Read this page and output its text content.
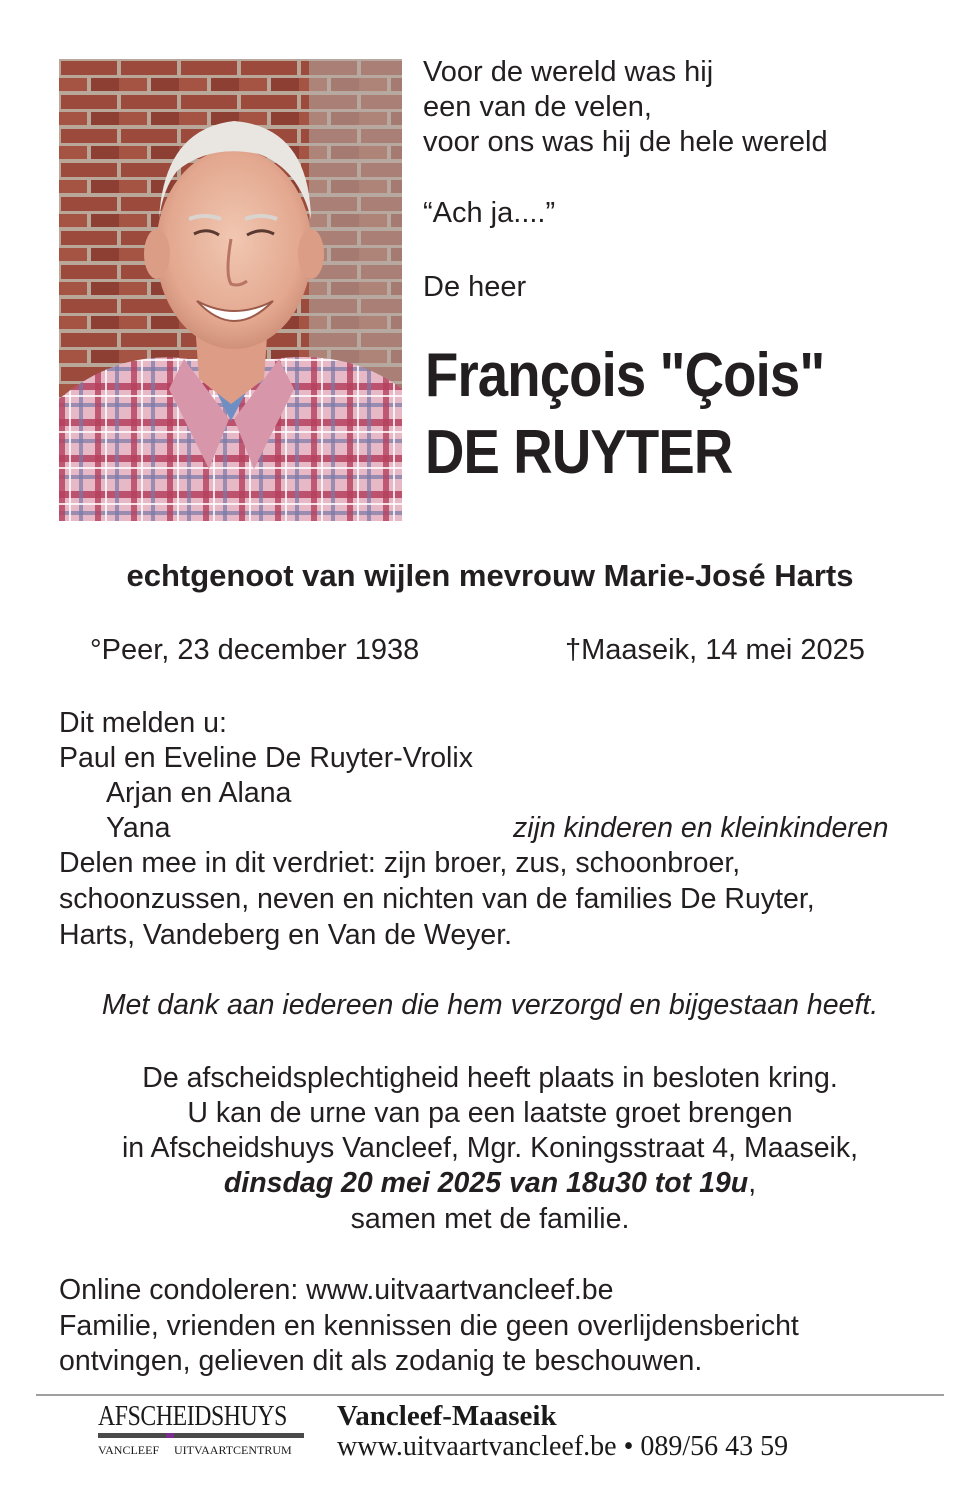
Voor de wereld was hij
een van de velen,
voor ons was hij de hele wereld
“Ach ja....”
De heer
François "Çois"
DE RUYTER
echtgenoot van wijlen mevrouw Marie-José Harts
°Peer, 23 december 1938	†Maaseik, 14 mei 2025
Dit melden u:
Paul en Eveline De Ruyter-Vrolix
Arjan en Alana
Yana	zijn kinderen en kleinkinderen
Delen mee in dit verdriet: zijn broer, zus, schoonbroer,
schoonzussen, neven en nichten van de families De Ruyter,
Harts, Vandeberg en Van de Weyer.
Met dank aan iedereen die hem verzorgd en bijgestaan heeft.
De afscheidsplechtigheid heeft plaats in besloten kring.
U kan de urne van pa een laatste groet brengen
in Afscheidshuys Vancleef, Mgr. Koningsstraat 4, Maaseik,
dinsdag 20 mei 2025 van 18u30 tot 19u,
samen met de familie.
Online condoleren: www.uitvaartvancleef.be
Familie, vrienden en kennissen die geen overlijdensbericht
ontvingen, gelieven dit als zodanig te beschouwen.
AFSCHEIDSHUYS
VANCLEEF UITVAARTCENTRUM
Vancleef-Maaseik
www.uitvaartvancleef.be • 089/56 43 59
